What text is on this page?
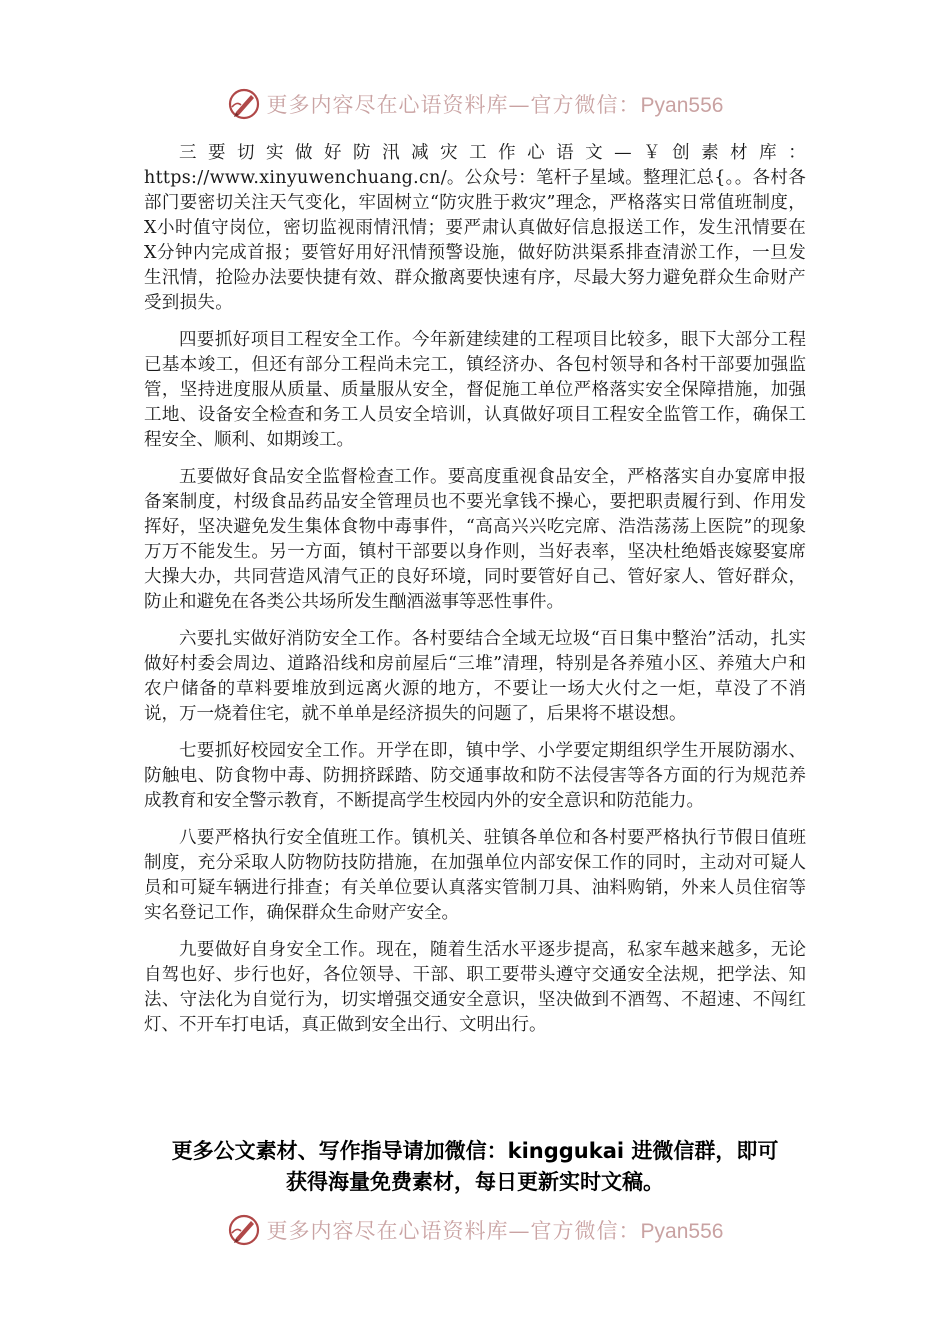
更多内容尽在心语资料库—官方微信：Pyan556

三要切实做好防汛减灾工作心语文—￥创素材库：https://www.xinyuwenchuang.cn/。公众号：笔杆子星域。整理汇总{。。各村各部门要密切关注天气变化，牢固树立“防灾胜于救灾”理念，严格落实日常值班制度，X小时值守岗位，密切监视雨情汛情；要严肃认真做好信息报送工作，发生汛情要在X分钟内完成首报；要管好用好汛情预警设施，做好防洪渠系排查清淤工作，一旦发生汛情，抢险办法要快捷有效、群众撤离要快速有序，尽最大努力避免群众生命财产受到损失。

四要抓好项目工程安全工作。今年新建续建的工程项目比较多，眼下大部分工程已基本竣工，但还有部分工程尚未完工，镇经济办、各包村领导和各村干部要加强监管，坚持进度服从质量、质量服从安全，督促施工单位严格落实安全保障措施，加强工地、设备安全检查和务工人员安全培训，认真做好项目工程安全监管工作，确保工程安全、顺利、如期竣工。

五要做好食品安全监督检查工作。要高度重视食品安全，严格落实自办宴席申报备案制度，村级食品药品安全管理员也不要光拿钱不操心，要把职责履行到、作用发挥好，坚决避免发生集体食物中毒事件，“高高兴兴吃完席、浩浩荡荡上医院”的现象万万不能发生。另一方面，镇村干部要以身作则，当好表率，坚决杜绝婚丧嫁娶宴席大操大办，共同营造风清气正的良好环境，同时要管好自己、管好家人、管好群众，防止和避免在各类公共场所发生酗酒滋事等恶性事件。

六要扎实做好消防安全工作。各村要结合全域无垃圾“百日集中整治”活动，扎实做好村委会周边、道路沿线和房前屋后“三堆”清理，特别是各养殖小区、养殖大户和农户储备的草料要堆放到远离火源的地方，不要让一场大火付之一炬，草没了不消说，万一烧着住宅，就不单单是经济损失的问题了，后果将不堪设想。

七要抓好校园安全工作。开学在即，镇中学、小学要定期组织学生开展防溺水、防触电、防食物中毒、防拥挤踩踏、防交通事故和防不法侵害等各方面的行为规范养成教育和安全警示教育，不断提高学生校园内外的安全意识和防范能力。

八要严格执行安全值班工作。镇机关、驻镇各单位和各村要严格执行节假日值班制度，充分采取人防物防技防措施，在加强单位内部安保工作的同时，主动对可疑人员和可疑车辆进行排查；有关单位要认真落实管制刀具、油料购销，外来人员住宿等实名登记工作，确保群众生命财产安全。

九要做好自身安全工作。现在，随着生活水平逐步提高，私家车越来越多，无论自驾也好、步行也好，各位领导、干部、职工要带头遵守交通安全法规，把学法、知法、守法化为自觉行为，切实增强交通安全意识，坚决做到不酒驾、不超速、不闯红灯、不开车打电话，真正做到安全出行、文明出行。

更多公文素材、写作指导请加微信：kinggukai 进微信群，即可
获得海量免费素材，每日更新实时文稿。
更多内容尽在心语资料库—官方微信：Pyan556
